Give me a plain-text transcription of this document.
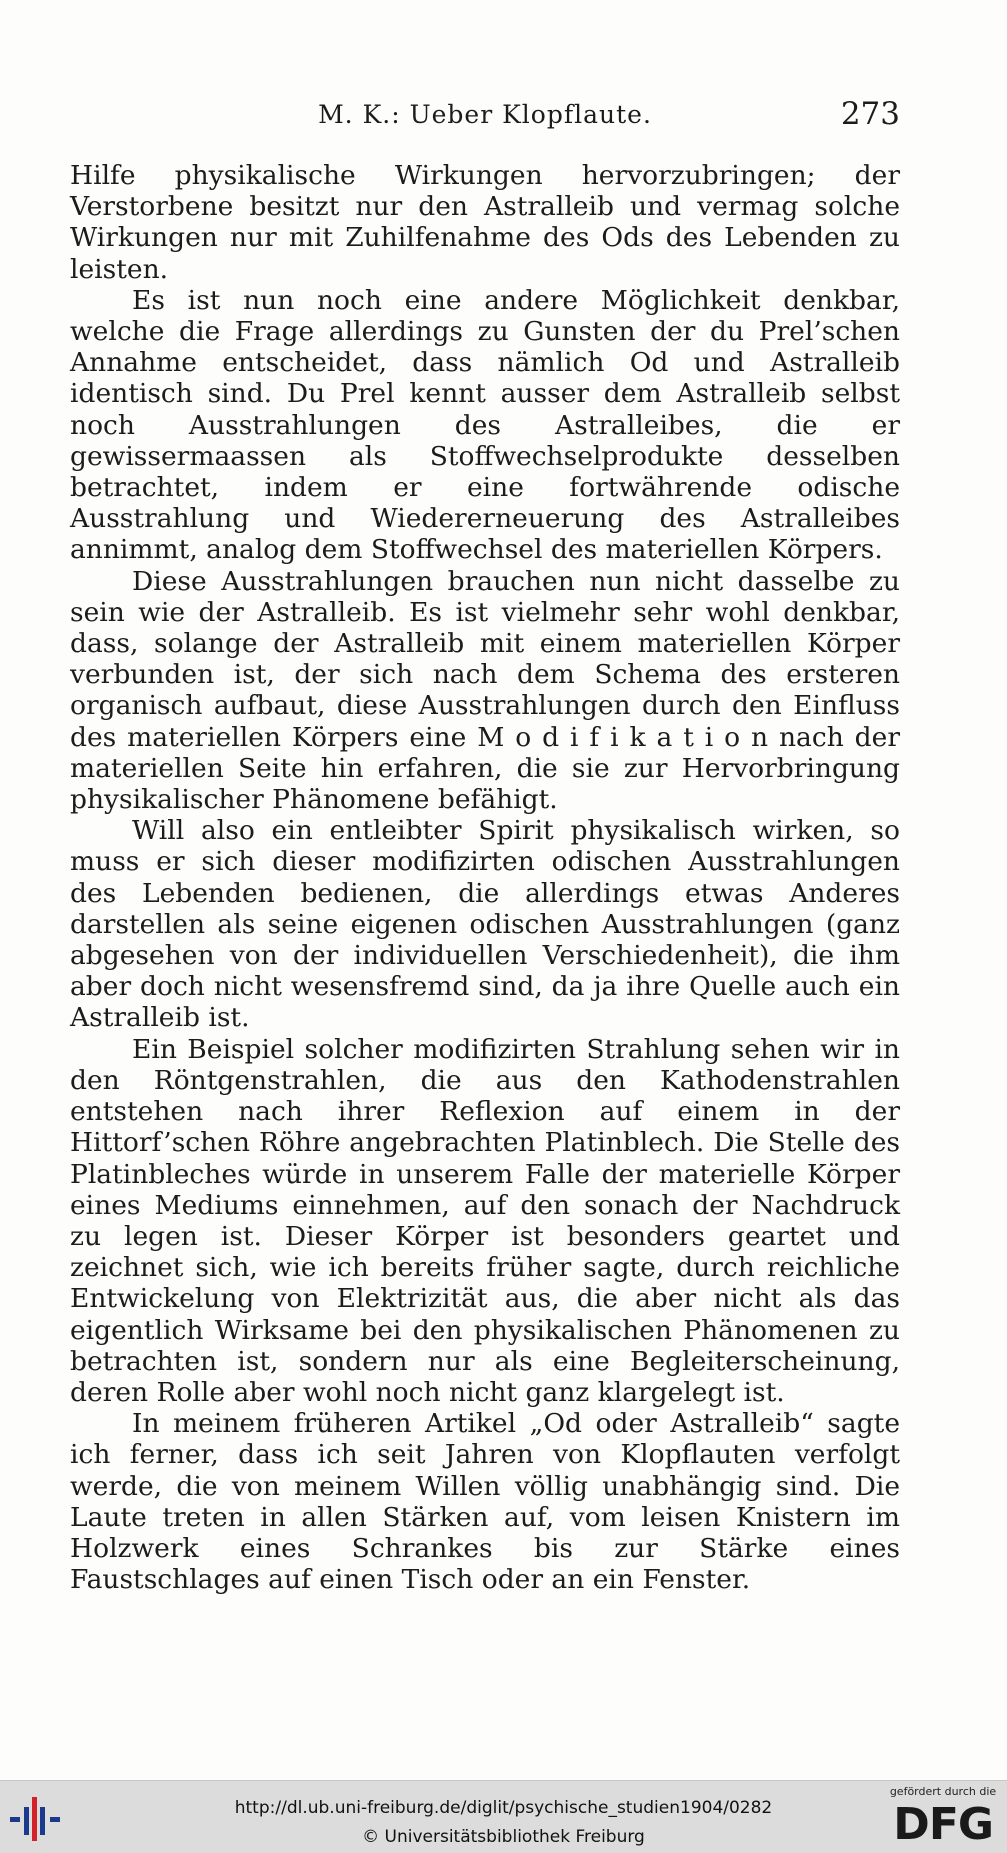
M. K.: Ueber Klopflaute.	273

Hilfe physikalische Wirkungen hervorzubringen; der Verstorbene besitzt nur den Astralleib und vermag solche Wirkungen nur mit Zuhilfenahme des Ods des Lebenden zu leisten.

Es ist nun noch eine andere Möglichkeit denkbar, welche die Frage allerdings zu Gunsten der du Prel’schen Annahme entscheidet, dass nämlich Od und Astralleib identisch sind. Du Prel kennt ausser dem Astralleib selbst noch Ausstrahlungen des Astralleibes, die er gewissermaassen als Stoffwechselprodukte desselben betrachtet, indem er eine fortwährende odische Ausstrahlung und Wiedererneuerung des Astralleibes annimmt, analog dem Stoffwechsel des materiellen Körpers.

Diese Ausstrahlungen brauchen nun nicht dasselbe zu sein wie der Astralleib. Es ist vielmehr sehr wohl denkbar, dass, solange der Astralleib mit einem materiellen Körper verbunden ist, der sich nach dem Schema des ersteren organisch aufbaut, diese Ausstrahlungen durch den Einfluss des materiellen Körpers eine M o d i f i k a t i o n nach der materiellen Seite hin erfahren, die sie zur Hervorbringung physikalischer Phänomene befähigt.

Will also ein entleibter Spirit physikalisch wirken, so muss er sich dieser modifizirten odischen Ausstrahlungen des Lebenden bedienen, die allerdings etwas Anderes darstellen als seine eigenen odischen Ausstrahlungen (ganz abgesehen von der individuellen Verschiedenheit), die ihm aber doch nicht wesensfremd sind, da ja ihre Quelle auch ein Astralleib ist.

Ein Beispiel solcher modifizirten Strahlung sehen wir in den Röntgenstrahlen, die aus den Kathodenstrahlen entstehen nach ihrer Reflexion auf einem in der Hittorf’schen Röhre angebrachten Platinblech. Die Stelle des Platinbleches würde in unserem Falle der materielle Körper eines Mediums einnehmen, auf den sonach der Nachdruck zu legen ist. Dieser Körper ist besonders geartet und zeichnet sich, wie ich bereits früher sagte, durch reichliche Entwickelung von Elektrizität aus, die aber nicht als das eigentlich Wirksame bei den physikalischen Phänomenen zu betrachten ist, sondern nur als eine Begleiterscheinung, deren Rolle aber wohl noch nicht ganz klargelegt ist.

In meinem früheren Artikel „Od oder Astralleib“ sagte ich ferner, dass ich seit Jahren von Klopflauten verfolgt werde, die von meinem Willen völlig unabhängig sind. Die Laute treten in allen Stärken auf, vom leisen Knistern im Holzwerk eines Schrankes bis zur Stärke eines Faustschlages auf einen Tisch oder an ein Fenster.

http://dl.ub.uni-freiburg.de/diglit/psychische_studien1904/0282
© Universitätsbibliothek Freiburg
gefördert durch die
DFG
